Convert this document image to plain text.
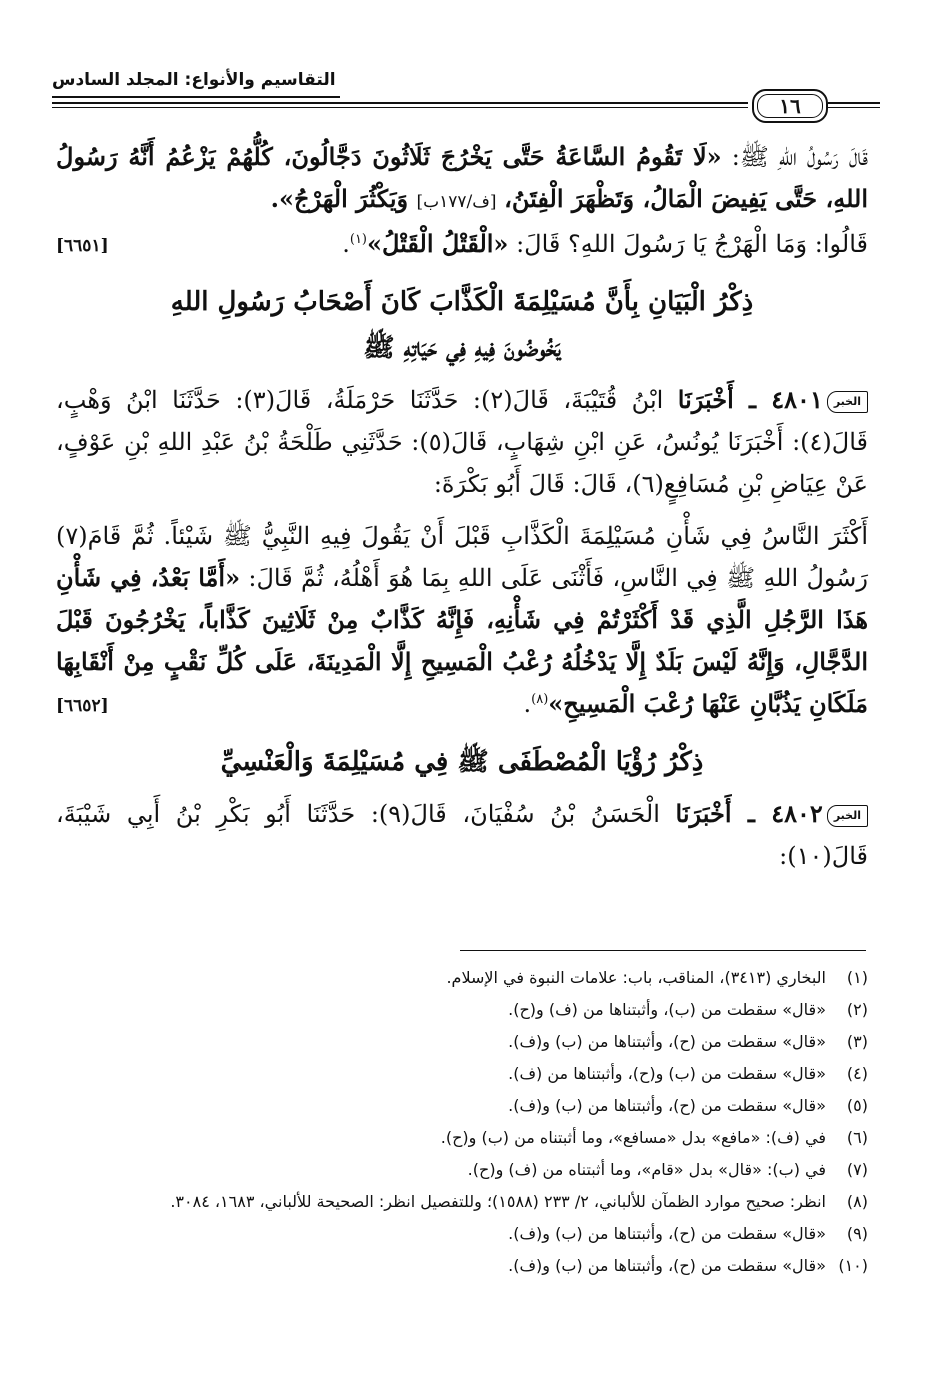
التقاسيم والأنواع: المجلد السادس
١٦

قَالَ رَسُولُ اللهِ ﷺ: «لَا تَقُومُ السَّاعَةُ حَتَّى يَخْرُجَ ثَلَاثُونَ دَجَّالُونَ، كُلُّهُمْ يَزْعُمُ أَنَّهُ رَسُولُ اللهِ، حَتَّى يَفِيضَ الْمَالُ، وَتَظْهَرَ الْفِتَنُ، [ف/١٧٧ب] وَيَكْثُرَ الْهَرْجُ».

[٦٦٥١]	قَالُوا: وَمَا الْهَرْجُ يَا رَسُولَ اللهِ؟ قَالَ: «الْقَتْلُ الْقَتْلُ»$^{(١)}$.

ذِكْرُ الْبَيَانِ بِأَنَّ مُسَيْلِمَةَ الْكَذَّابَ كَانَ أَصْحَابُ رَسُولِ اللهِ
يَخُوضُونَ فِيهِ فِي حَيَاتِهِ ﷺ

الخبر٤٨٠١ ـ أَخْبَرَنَا ابْنُ قُتَيْبَةَ، قَالَ(٢): حَدَّثَنَا حَرْمَلَةُ، قَالَ(٣): حَدَّثَنَا ابْنُ وَهْبٍ، قَالَ(٤): أَخْبَرَنَا يُونُسُ، عَنِ ابْنِ شِهَابٍ، قَالَ(٥): حَدَّثَنِي طَلْحَةُ بْنُ عَبْدِ اللهِ بْنِ عَوْفٍ، عَنْ عِيَاضِ بْنِ مُسَافِعٍ(٦)، قَالَ: قَالَ أَبُو بَكْرَةَ:

أَكْثَرَ النَّاسُ فِي شَأْنِ مُسَيْلِمَةَ الْكَذَّابِ قَبْلَ أَنْ يَقُولَ فِيهِ النَّبِيُّ ﷺ شَيْئاً. ثُمَّ قَامَ(٧) رَسُولُ اللهِ ﷺ فِي النَّاسِ، فَأَثْنَى عَلَى اللهِ بِمَا هُوَ أَهْلُهُ، ثُمَّ قَالَ: «أَمَّا بَعْدُ، فِي شَأْنِ هَذَا الرَّجُلِ الَّذِي قَدْ أَكْثَرْتُمْ فِي شَأْنِهِ، فَإِنَّهُ كَذَّابٌ مِنْ ثَلَاثِينَ كَذَّاباً، يَخْرُجُونَ قَبْلَ الدَّجَّالِ، وَإِنَّهُ لَيْسَ بَلَدٌ إِلَّا يَدْخُلُهُ رُعْبُ الْمَسِيحِ إِلَّا الْمَدِينَةَ، عَلَى كُلِّ نَقْبٍ مِنْ أَنْقَابِهَا مَلَكَانِ يَذُبَّانِ عَنْهَا رُعْبَ الْمَسِيحِ»$^{(٨)}$.
[٦٦٥٢]

ذِكْرُ رُؤْيَا الْمُصْطَفَى ﷺ فِي مُسَيْلِمَةَ وَالْعَنْسِيِّ

الخبر٤٨٠٢ ـ أَخْبَرَنَا الْحَسَنُ بْنُ سُفْيَانَ، قَالَ(٩): حَدَّثَنَا أَبُو بَكْرِ بْنُ أَبِي شَيْبَةَ، قَالَ(١٠):

(١)
البخاري (٣٤١٣)، المناقب، باب: علامات النبوة في الإسلام.
(٢)
«قال» سقطت من (ب)، وأثبتناها من (ف) و(ح).
(٣)
«قال» سقطت من (ح)، وأثبتناها من (ب) و(ف).
(٤)
«قال» سقطت من (ب) و(ح)، وأثبتناها من (ف).
(٥)
«قال» سقطت من (ح)، وأثبتناها من (ب) و(ف).
(٦)
في (ف): «مافع» بدل «مسافع»، وما أثبتناه من (ب) و(ح).
(٧)
في (ب): «قال» بدل «قام»، وما أثبتناه من (ف) و(ح).
(٨)
انظر: صحيح موارد الظمآن للألباني، ٢/ ٢٣٣ (١٥٨٨)؛ وللتفصيل انظر: الصحيحة للألباني، ١٦٨٣، ٣٠٨٤.
(٩)
«قال» سقطت من (ح)، وأثبتناها من (ب) و(ف).
(١٠)
«قال» سقطت من (ح)، وأثبتناها من (ب) و(ف).
